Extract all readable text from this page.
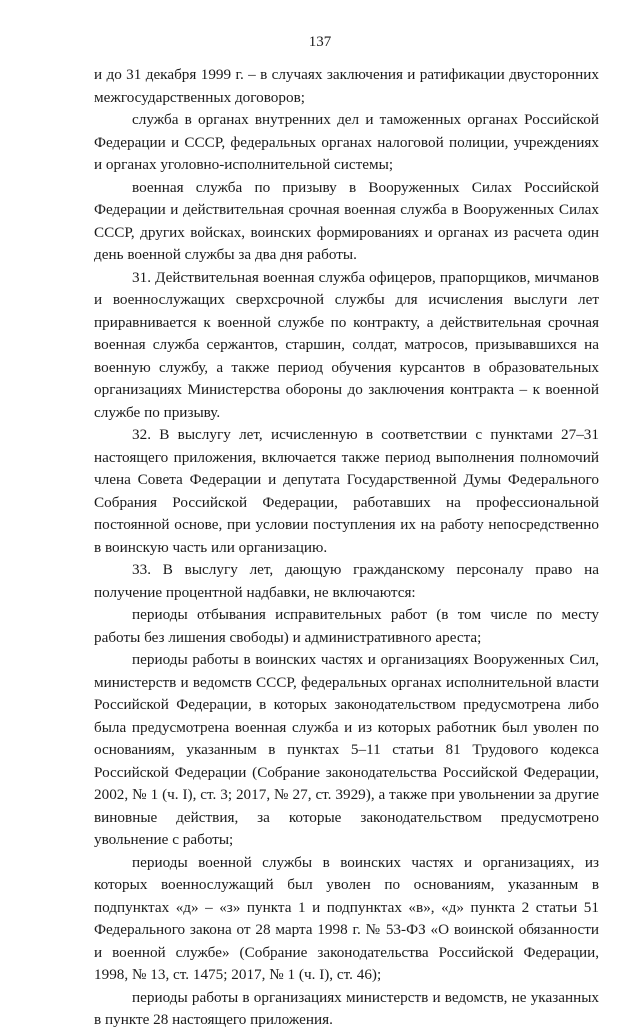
137

и до 31 декабря 1999 г. – в случаях заключения и ратификации двусторонних межгосударственных договоров;

служба в органах внутренних дел и таможенных органах Российской Федерации и СССР, федеральных органах налоговой полиции, учреждениях и органах уголовно-исполнительной системы;

военная служба по призыву в Вооруженных Силах Российской Федерации и действительная срочная военная служба в Вооруженных Силах СССР, других войсках, воинских формированиях и органах из расчета один день военной службы за два дня работы.

31. Действительная военная служба офицеров, прапорщиков, мичманов и военнослужащих сверхсрочной службы для исчисления выслуги лет приравнивается к военной службе по контракту, а действительная срочная военная служба сержантов, старшин, солдат, матросов, призывавшихся на военную службу, а также период обучения курсантов в образовательных организациях Министерства обороны до заключения контракта – к военной службе по призыву.

32. В выслугу лет, исчисленную в соответствии с пунктами 27–31 настоящего приложения, включается также период выполнения полномочий члена Совета Федерации и депутата Государственной Думы Федерального Собрания Российской Федерации, работавших на профессиональной постоянной основе, при условии поступления их на работу непосредственно в воинскую часть или организацию.

33. В выслугу лет, дающую гражданскому персоналу право на получение процентной надбавки, не включаются:

периоды отбывания исправительных работ (в том числе по месту работы без лишения свободы) и административного ареста;

периоды работы в воинских частях и организациях Вооруженных Сил, министерств и ведомств СССР, федеральных органах исполнительной власти Российской Федерации, в которых законодательством предусмотрена либо была предусмотрена военная служба и из которых работник был уволен по основаниям, указанным в пунктах 5–11 статьи 81 Трудового кодекса Российской Федерации (Собрание законодательства Российской Федерации, 2002, № 1 (ч. I), ст. 3; 2017, № 27, ст. 3929), а также при увольнении за другие виновные действия, за которые законодательством предусмотрено увольнение с работы;

периоды военной службы в воинских частях и организациях, из которых военнослужащий был уволен по основаниям, указанным в подпунктах «д» – «з» пункта 1 и подпунктах «в», «д» пункта 2 статьи 51 Федерального закона от 28 марта 1998 г. № 53-ФЗ «О воинской обязанности и военной службе» (Собрание законодательства Российской Федерации, 1998, № 13, ст. 1475; 2017, № 1 (ч. I), ст. 46);

периоды работы в организациях министерств и ведомств, не указанных в пункте 28 настоящего приложения.
